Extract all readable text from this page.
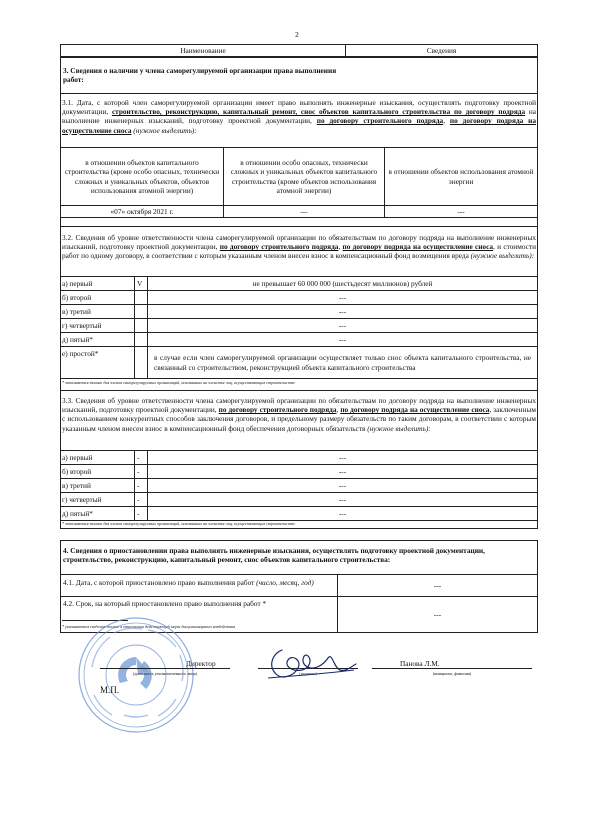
2
Наименование	Сведения
3. Сведения о наличии у члена саморегулируемой организации права выполнения работ:
3.1. Дата, с которой член саморегулируемой организации имеет право выполнять инженерные изыскания, осуществлять подготовку проектной документации, строительство, реконструкцию, капитальный ремонт, снос объектов капитального строительства по договору подряда на выполнение инженерных изысканий, подготовку проектной документации, по договору строительного подряда, по договору подряда на осуществление сноса (нужное выделить):
в отношении объектов капитального строительства (кроме особо опасных, технически сложных и уникальных объектов, объектов использования атомной энергии)	в отношении особо опасных, технически сложных и уникальных объектов капитального строительства (кроме объектов использования атомной энергии)	в отношении объектов использования атомной энергии
«07» октября 2021 г.	---	---
3.2. Сведения об уровне ответственности члена саморегулируемой организации по обязательствам по договору подряда на выполнение инженерных изысканий, подготовку проектной документации, по договору строительного подряда, по договору подряда на осуществление сноса, и стоимости работ по одному договору, в соответствии с которым указанным членом внесен взнос в компенсационный фонд возмещения вреда (нужное выделить):
а) первый	V	не превышает 60 000 000 (шестьдесят миллионов) рублей
б) второй		---
в) третий		---
г) четвертый		---
д) пятый*		---
е) простой*		в случае если член саморегулируемой организации осуществляет только снос объекта капитального строительства, не связанный со строительством, реконструкцией объекта капитального строительства
* заполняются только для членов саморегулируемых организаций, основанных на членстве лиц, осуществляющих строительство
3.3. Сведения об уровне ответственности члена саморегулируемой организации по обязательствам по договору подряда на выполнение инженерных изысканий, подготовку проектной документации, по договору строительного подряда, по договору подряда на осуществление сноса, заключенным с использованием конкурентных способов заключения договоров, и предельному размеру обязательств по таким договорам, в соответствии с которым указанным членом внесен взнос в компенсационный фонд обеспечения договорных обязательств (нужное выделить):
а) первый	-	---
б) второй	-	---
в) третий	-	---
г) четвертый	-	---
д) пятый*	-	---
* заполняются только для членов саморегулируемых организаций, основанных на членстве лиц, осуществляющих строительство
4. Сведения о приостановлении права выполнять инженерные изыскания, осуществлять подготовку проектной документации, строительство, реконструкцию, капитальный ремонт, снос объектов капитального строительства:	
4.1. Дата, с которой приостановлено право выполнения работ (число, месяц, год)	---
4.2. Срок, на который приостановлено право выполнения работ *	---
* указываются сведения только в отношении действующей меры дисциплинарного воздействия
Директор
(должность уполномоченного лица)	(подпись)
Панова Л.М.
(инициалы, фамилия)
М.П.
